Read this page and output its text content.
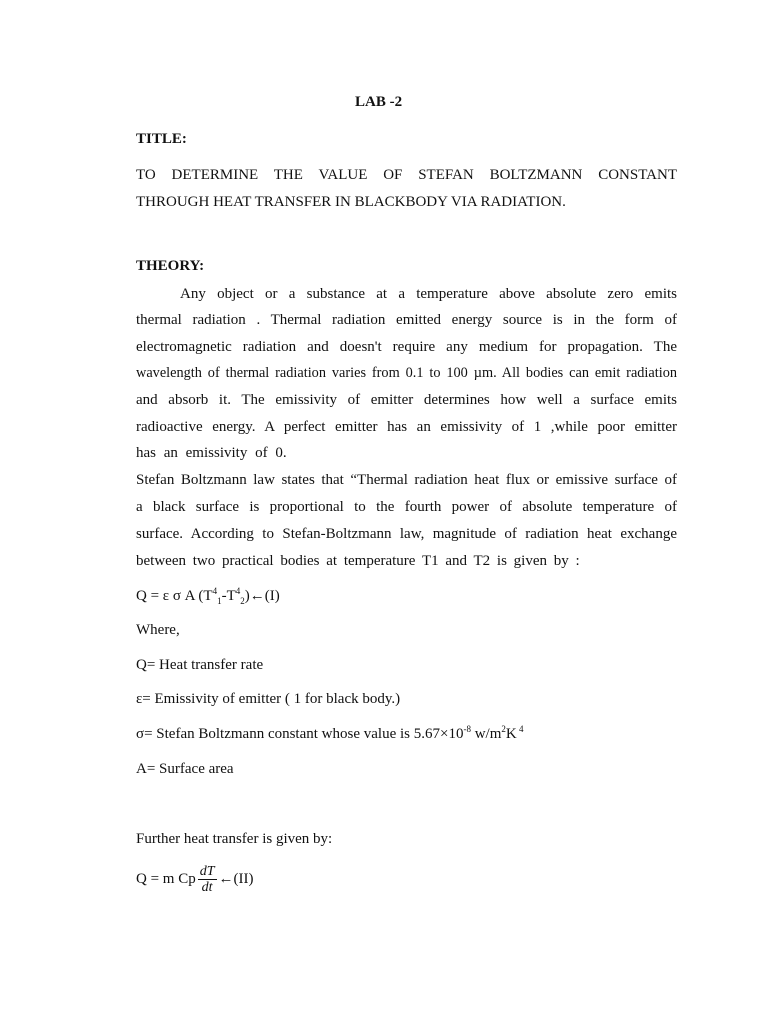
LAB -2
TITLE:
TO DETERMINE THE VALUE OF STEFAN BOLTZMANN CONSTANT
THROUGH HEAT TRANSFER IN BLACKBODY VIA RADIATION.
THEORY:
Any object or a substance at a temperature above absolute zero emits
thermal radiation . Thermal radiation emitted energy source is in the form of
electromagnetic radiation and doesn't require any medium for propagation. The
wavelength of thermal radiation varies from 0.1 to 100 µm. All bodies can emit radiation
and absorb it. The emissivity of emitter determines how well a surface emits
radioactive energy. A perfect emitter has an emissivity of 1 ,while poor emitter
has an emissivity of 0.
Stefan Boltzmann law states that “Thermal radiation heat flux or emissive surface of
a black surface is proportional to the fourth power of absolute temperature of
surface. According to Stefan-Boltzmann law, magnitude of radiation heat exchange
between two practical bodies at temperature T1 and T2 is given by :
Q = ε σ A $(T^4_1-T^4_2)\leftarrow(I)$
Where,
Q= Heat transfer rate
ε= Emissivity of emitter ( 1 for black body.)
σ= Stefan Boltzmann constant whose value is $5.67\times 10^{-8}$ $w/m^2K$ $^4$
A= Surface area
Further heat transfer is given by:
Q = m Cp $\frac{dT}{dt}$ ←(II)
